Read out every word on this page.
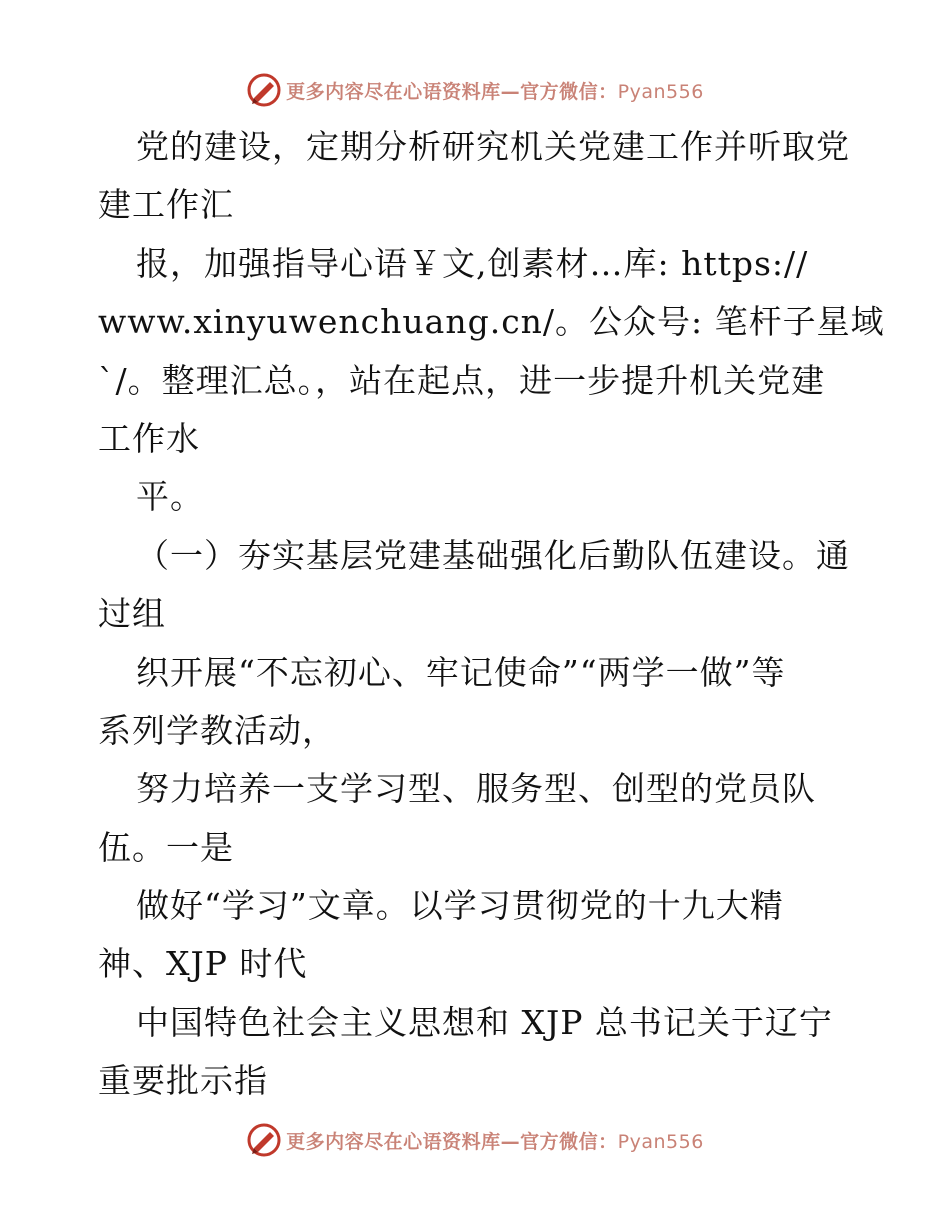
更多内容尽在心语资料库—官方微信：Pyan556
党的建设，定期分析研究机关党建工作并听取党
建工作汇
报，加强指导心语￥文,创素材…库: https://
www.xinyuwenchuang.cn/。公众号: 笔杆子星域
`/。整理汇总。，站在起点，进一步提升机关党建
工作水
平。
（一）夯实基层党建基础强化后勤队伍建设。通
过组
织开展“不忘初心、牢记使命”“两学一做”等
系列学教活动，
努力培养一支学习型、服务型、创型的党员队
伍。一是
做好“学习”文章。以学习贯彻党的十九大精
神、XJP 时代
中国特色社会主义思想和 XJP 总书记关于辽宁
重要批示指
更多内容尽在心语资料库—官方微信：Pyan556
